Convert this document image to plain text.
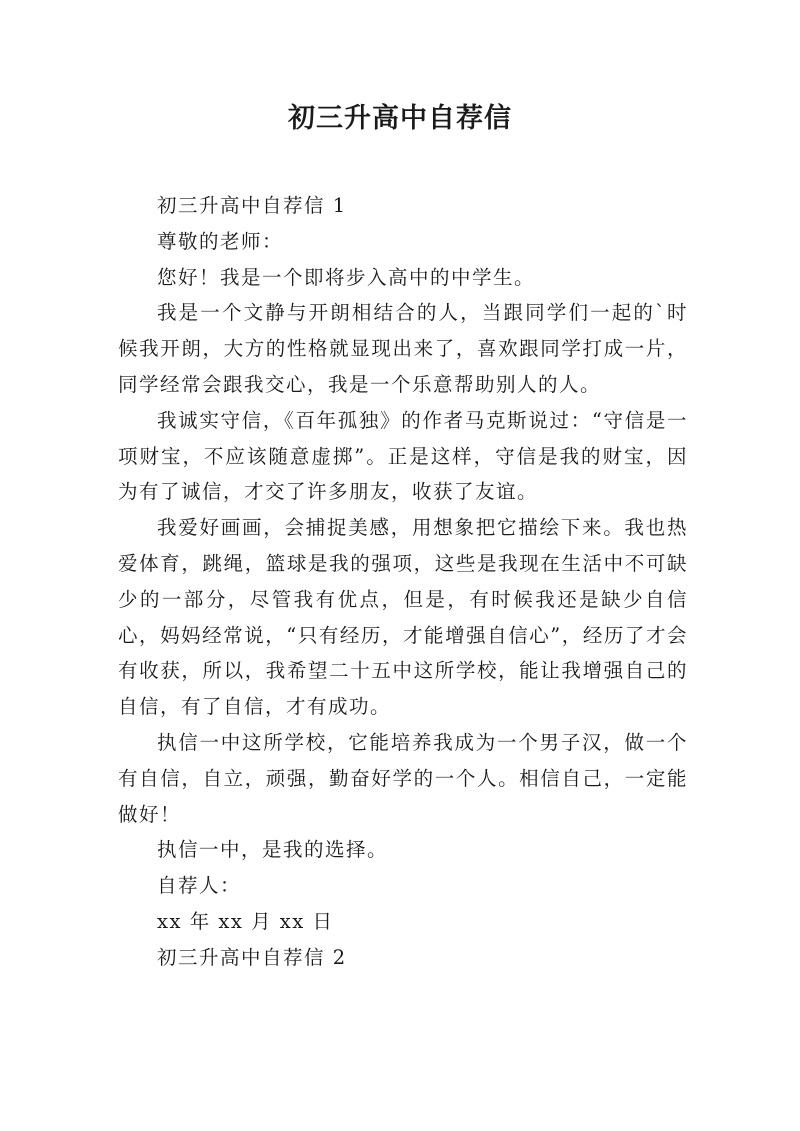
初三升高中自荐信

初三升高中自荐信 1

尊敬的老师：

您好！我是一个即将步入高中的中学生。

我是一个文静与开朗相结合的人，当跟同学们一起的`时候我开朗，大方的性格就显现出来了，喜欢跟同学打成一片，同学经常会跟我交心，我是一个乐意帮助别人的人。

我诚实守信，《百年孤独》的作者马克斯说过：“守信是一项财宝，不应该随意虚掷”。正是这样，守信是我的财宝，因为有了诚信，才交了许多朋友，收获了友谊。

我爱好画画，会捕捉美感，用想象把它描绘下来。我也热爱体育，跳绳，篮球是我的强项，这些是我现在生活中不可缺少的一部分，尽管我有优点，但是，有时候我还是缺少自信心，妈妈经常说，“只有经历，才能增强自信心”，经历了才会有收获，所以，我希望二十五中这所学校，能让我增强自己的自信，有了自信，才有成功。

执信一中这所学校，它能培养我成为一个男子汉，做一个有自信，自立，顽强，勤奋好学的一个人。相信自己，一定能做好！

执信一中，是我的选择。

自荐人：

xx 年 xx 月 xx 日

初三升高中自荐信 2
